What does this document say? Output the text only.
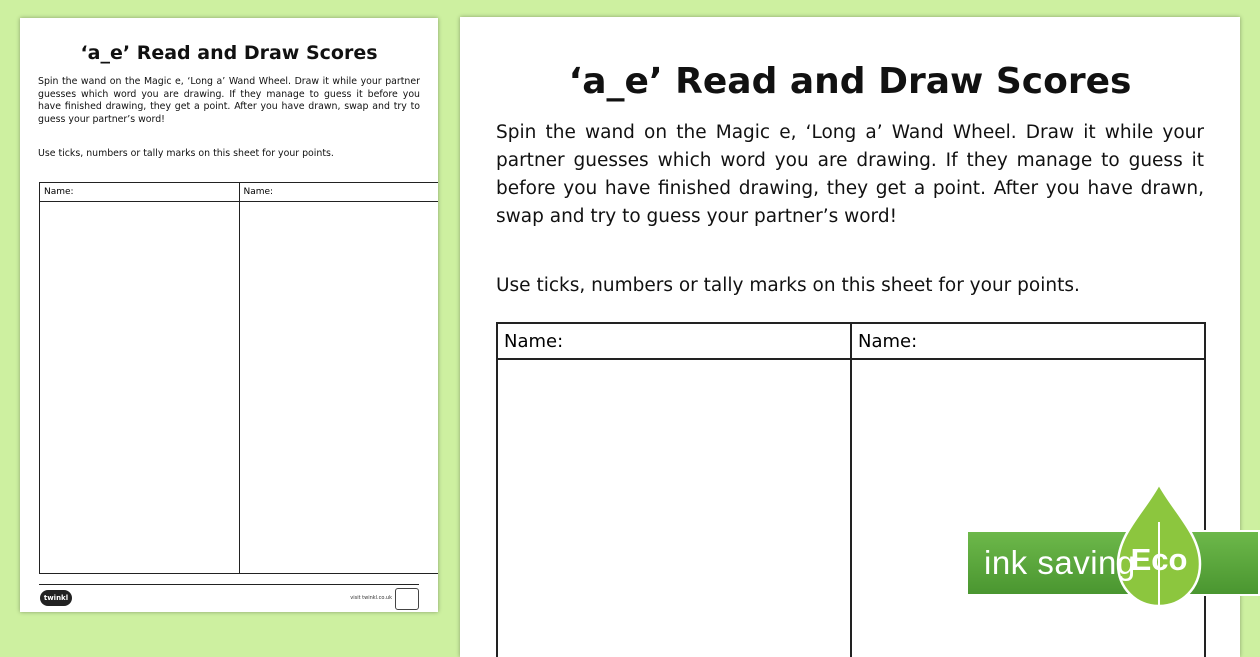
‘a_e’ Read and Draw Scores
Spin the wand on the Magic e, ‘Long a’ Wand Wheel. Draw it while your partner guesses which word you are drawing. If they manage to guess it before you have finished drawing, they get a point. After you have drawn, swap and try to guess your partner’s word!
Use ticks, numbers or tally marks on this sheet for your points.
Name:	Name:

twinkl	visit twinkl.co.uk
‘a_e’ Read and Draw Scores
Spin the wand on the Magic e, ‘Long a’ Wand Wheel. Draw it while your partner guesses which word you are drawing. If they manage to guess it before you have finished drawing, they get a point. After you have drawn, swap and try to guess your partner’s word!
Use ticks, numbers or tally marks on this sheet for your points.
Name:	Name:

ink saving
Eco
